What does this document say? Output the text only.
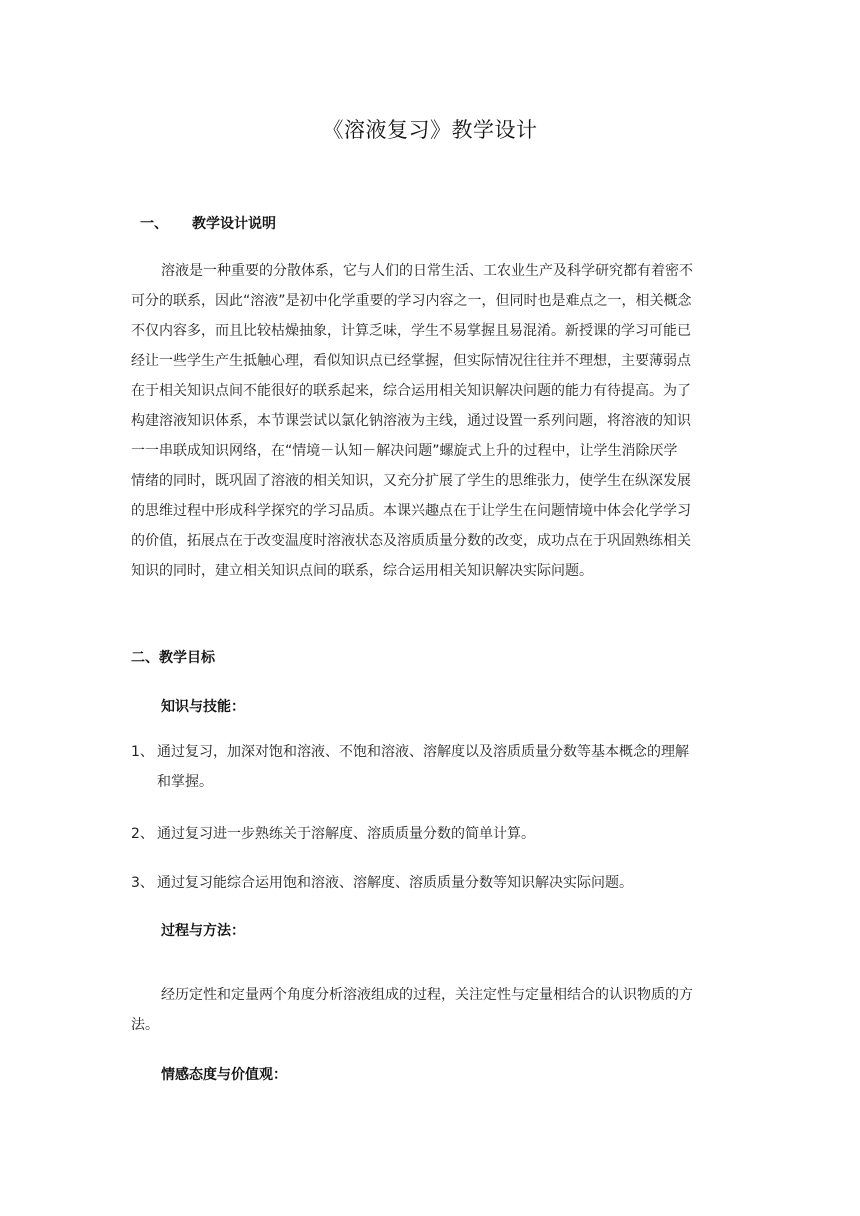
《溶液复习》教学设计
一、 教学设计说明
溶液是一种重要的分散体系，它与人们的日常生活、工农业生产及科学研究都有着密不
可分的联系，因此“溶液”是初中化学重要的学习内容之一，但同时也是难点之一，相关概念
不仅内容多，而且比较枯燥抽象，计算乏味，学生不易掌握且易混淆。新授课的学习可能已
经让一些学生产生抵触心理，看似知识点已经掌握，但实际情况往往并不理想，主要薄弱点
在于相关知识点间不能很好的联系起来，综合运用相关知识解决问题的能力有待提高。为了
构建溶液知识体系，本节课尝试以氯化钠溶液为主线，通过设置一系列问题，将溶液的知识
一一串联成知识网络，在“情境－认知－解决问题”螺旋式上升的过程中，让学生消除厌学
情绪的同时，既巩固了溶液的相关知识，又充分扩展了学生的思维张力，使学生在纵深发展
的思维过程中形成科学探究的学习品质。本课兴趣点在于让学生在问题情境中体会化学学习
的价值，拓展点在于改变温度时溶液状态及溶质质量分数的改变，成功点在于巩固熟练相关
知识的同时，建立相关知识点间的联系，综合运用相关知识解决实际问题。
二、教学目标
知识与技能：
1、 通过复习，加深对饱和溶液、不饱和溶液、溶解度以及溶质质量分数等基本概念的理解
和掌握。
2、 通过复习进一步熟练关于溶解度、溶质质量分数的简单计算。
3、 通过复习能综合运用饱和溶液、溶解度、溶质质量分数等知识解决实际问题。
过程与方法：
经历定性和定量两个角度分析溶液组成的过程，关注定性与定量相结合的认识物质的方
法。
情感态度与价值观：
